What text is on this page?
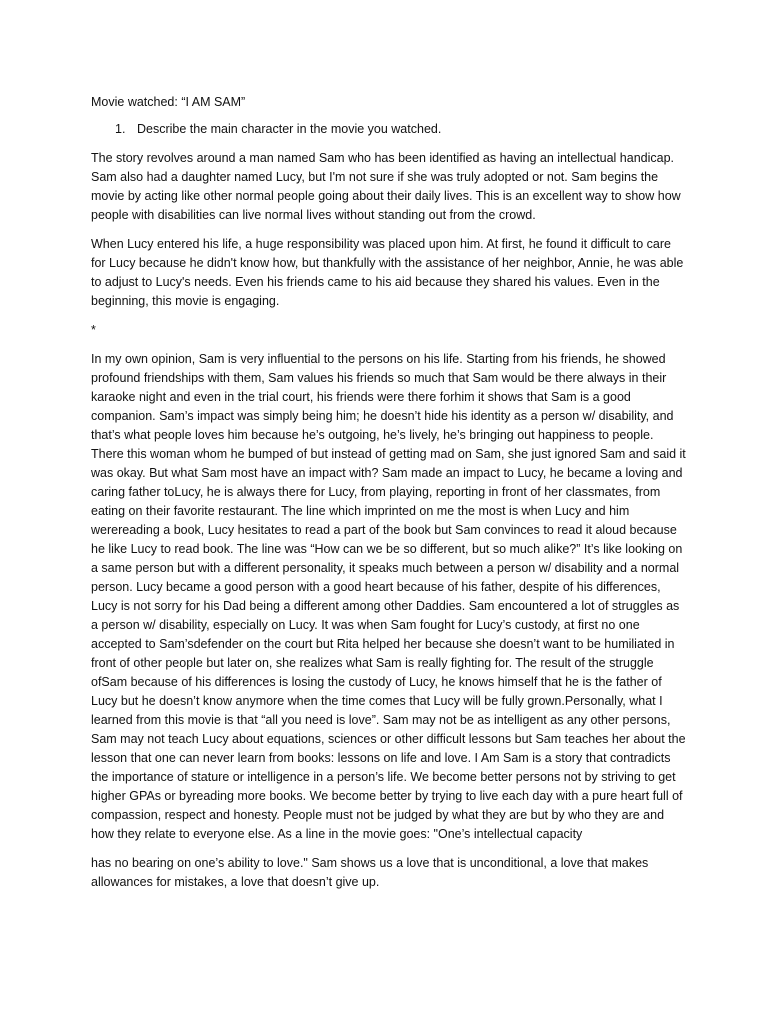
Movie watched: “I AM SAM”

1. Describe the main character in the movie you watched.

The story revolves around a man named Sam who has been identified as having an intellectual handicap. Sam also had a daughter named Lucy, but I'm not sure if she was truly adopted or not. Sam begins the movie by acting like other normal people going about their daily lives. This is an excellent way to show how people with disabilities can live normal lives without standing out from the crowd.

When Lucy entered his life, a huge responsibility was placed upon him. At first, he found it difficult to care for Lucy because he didn't know how, but thankfully with the assistance of her neighbor, Annie, he was able to adjust to Lucy's needs. Even his friends came to his aid because they shared his values. Even in the beginning, this movie is engaging.

*

In my own opinion, Sam is very influential to the persons on his life. Starting from his friends, he showed profound friendships with them, Sam values his friends so much that Sam would be there always in their karaoke night and even in the trial court, his friends were there forhim it shows that Sam is a good companion. Sam’s impact was simply being him; he doesn’t hide his identity as a person w/ disability, and that’s what people loves him because he’s outgoing, he’s lively, he’s bringing out happiness to people. There this woman whom he bumped of but instead of getting mad on Sam, she just ignored Sam and said it was okay. But what Sam most have an impact with? Sam made an impact to Lucy, he became a loving and caring father toLucy, he is always there for Lucy, from playing, reporting in front of her classmates, from eating on their favorite restaurant. The line which imprinted on me the most is when Lucy and him werereading a book, Lucy hesitates to read a part of the book but Sam convinces to read it aloud because he like Lucy to read book. The line was “How can we be so different, but so much alike?” It’s like looking on a same person but with a different personality, it speaks much between a person w/ disability and a normal person. Lucy became a good person with a good heart because of his father, despite of his differences, Lucy is not sorry for his Dad being a different among other Daddies. Sam encountered a lot of struggles as a person w/ disability, especially on Lucy. It was when Sam fought for Lucy’s custody, at first no one accepted to Sam’sdefender on the court but Rita helped her because she doesn’t want to be humiliated in front of other people but later on, she realizes what Sam is really fighting for. The result of the struggle ofSam because of his differences is losing the custody of Lucy, he knows himself that he is the father of Lucy but he doesn’t know anymore when the time comes that Lucy will be fully grown.Personally, what I learned from this movie is that “all you need is love”. Sam may not be as intelligent as any other persons, Sam may not teach Lucy about equations, sciences or other difficult lessons but Sam teaches her about the lesson that one can never learn from books: lessons on life and love. I Am Sam is a story that contradicts the importance of stature or intelligence in a person’s life. We become better persons not by striving to get higher GPAs or byreading more books. We become better by trying to live each day with a pure heart full of compassion, respect and honesty. People must not be judged by what they are but by who they are and how they relate to everyone else. As a line in the movie goes: "One’s intellectual capacity

has no bearing on one’s ability to love." Sam shows us a love that is unconditional, a love that makes allowances for mistakes, a love that doesn’t give up.
